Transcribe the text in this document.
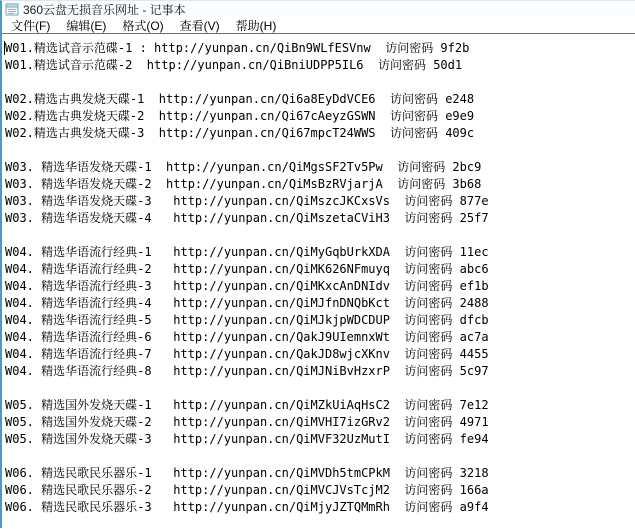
360云盘无损音乐网址 - 记事本
文件(F)	编辑(E)	格式(O)	查看(V)	帮助(H)
W01.精选试音示范碟-1 : http://yunpan.cn/QiBn9WLfESVnw  访问密码 9f2b
W01.精选试音示范碟-2  http://yunpan.cn/QiBniUDPP5IL6  访问密码 50d1
W02.精选古典发烧天碟-1  http://yunpan.cn/Qi6a8EyDdVCE6  访问密码 e248
W02.精选古典发烧天碟-2  http://yunpan.cn/Qi67cAeyzGSWN  访问密码 e9e9
W02.精选古典发烧天碟-3  http://yunpan.cn/Qi67mpcT24WWS  访问密码 409c
W03. 精选华语发烧天碟-1  http://yunpan.cn/QiMgsSF2Tv5Pw  访问密码 2bc9
W03. 精选华语发烧天碟-2  http://yunpan.cn/QiMsBzRVjarjA  访问密码 3b68
W03. 精选华语发烧天碟-3   http://yunpan.cn/QiMszcJKCxsVs  访问密码 877e
W03. 精选华语发烧天碟-4   http://yunpan.cn/QiMszetaCViH3  访问密码 25f7
W04. 精选华语流行经典-1   http://yunpan.cn/QiMyGqbUrkXDA  访问密码 11ec
W04. 精选华语流行经典-2   http://yunpan.cn/QiMK626NFmuyq  访问密码 abc6
W04. 精选华语流行经典-3   http://yunpan.cn/QiMKxcAnDNIdv  访问密码 ef1b
W04. 精选华语流行经典-4   http://yunpan.cn/QiMJfnDNQbKct  访问密码 2488
W04. 精选华语流行经典-5   http://yunpan.cn/QiMJkjpWDCDUP  访问密码 dfcb
W04. 精选华语流行经典-6   http://yunpan.cn/QakJ9UIemnxWt  访问密码 ac7a
W04. 精选华语流行经典-7   http://yunpan.cn/QakJD8wjcXKnv  访问密码 4455
W04. 精选华语流行经典-8   http://yunpan.cn/QiMJNiBvHzxrP  访问密码 5c97
W05. 精选国外发烧天碟-1   http://yunpan.cn/QiMZkUiAqHsC2  访问密码 7e12
W05. 精选国外发烧天碟-2   http://yunpan.cn/QiMVHI7izGRv2  访问密码 4971
W05. 精选国外发烧天碟-3   http://yunpan.cn/QiMVF32UzMutI  访问密码 fe94
W06. 精选民歌民乐器乐-1   http://yunpan.cn/QiMVDh5tmCPkM  访问密码 3218
W06. 精选民歌民乐器乐-2   http://yunpan.cn/QiMVCJVsTcjM2  访问密码 166a
W06. 精选民歌民乐器乐-3   http://yunpan.cn/QiMjyJZTQMmRh  访问密码 a9f4
